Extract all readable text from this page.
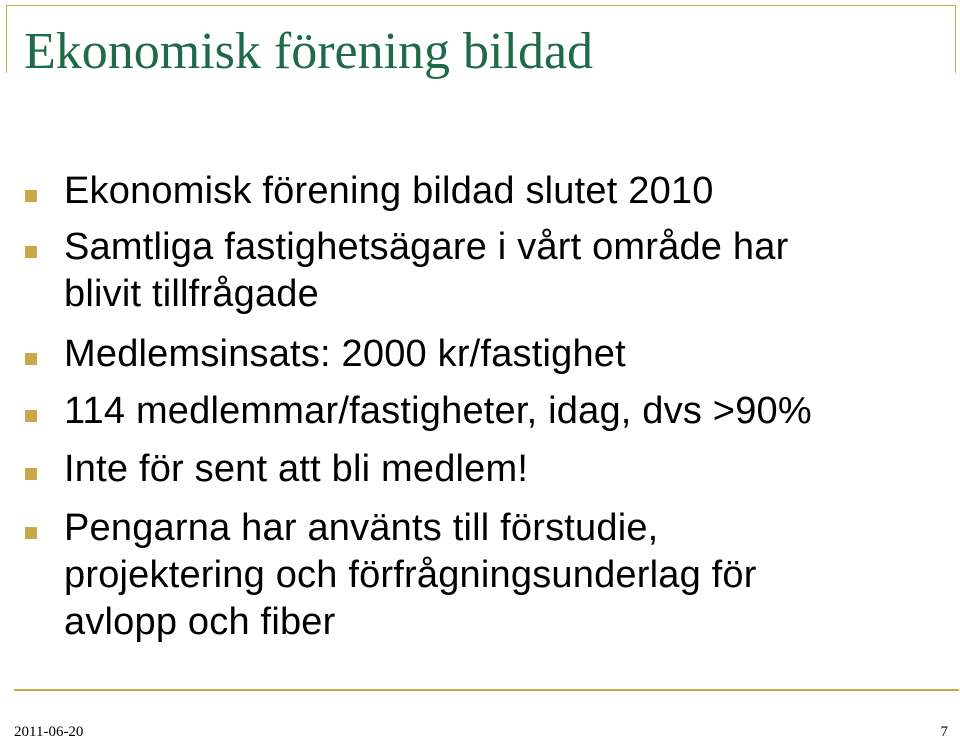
Ekonomisk förening bildad
Ekonomisk förening bildad slutet 2010
Samtliga fastighetsägare i vårt område har
blivit tillfrågade
Medlemsinsats: 2000 kr/fastighet
114 medlemmar/fastigheter, idag, dvs >90%
Inte för sent att bli medlem!
Pengarna har använts till förstudie,
projektering och förfrågningsunderlag för
avlopp och fiber
2011-06-20	7
